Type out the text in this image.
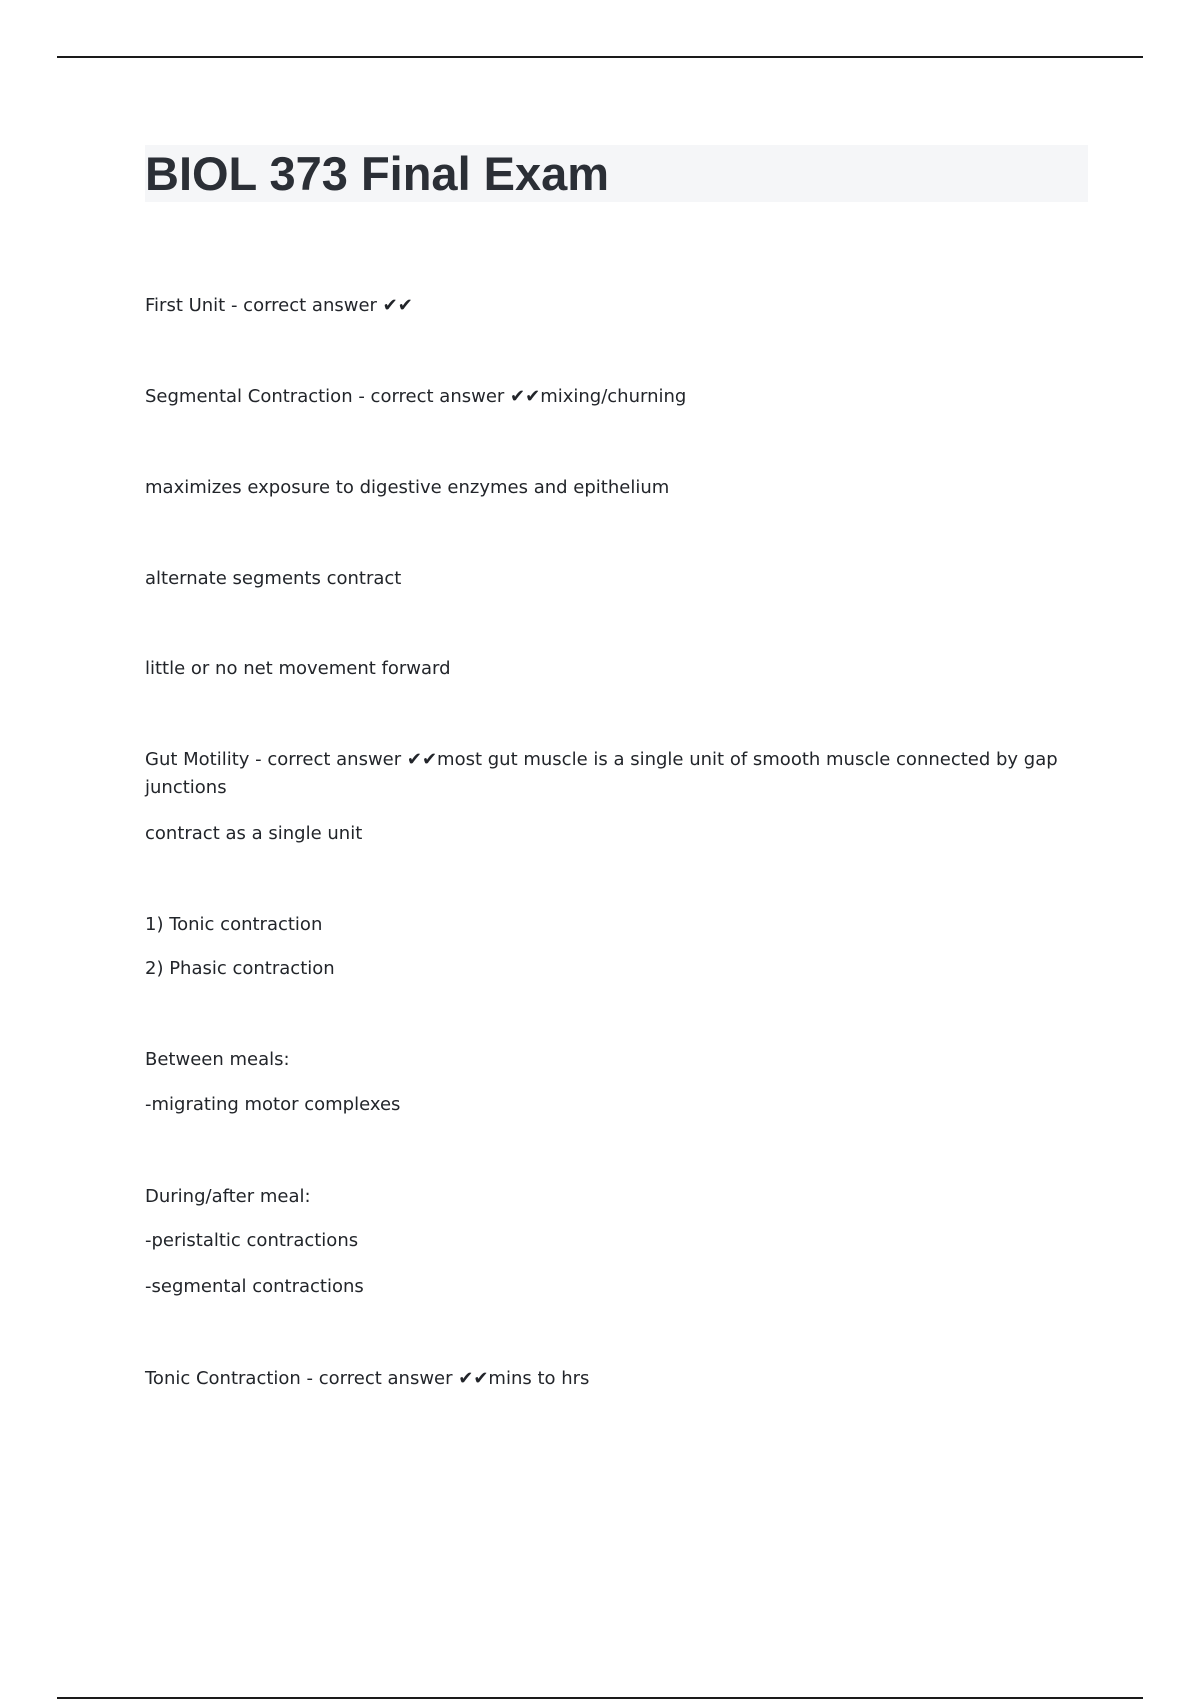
BIOL 373 Final Exam

First Unit - correct answer ✔✔

Segmental Contraction - correct answer ✔✔mixing/churning

maximizes exposure to digestive enzymes and epithelium

alternate segments contract

little or no net movement forward

Gut Motility - correct answer ✔✔most gut muscle is a single unit of smooth muscle connected by gap junctions

contract as a single unit

1) Tonic contraction

2) Phasic contraction

Between meals:

-migrating motor complexes

During/after meal:

-peristaltic contractions

-segmental contractions

Tonic Contraction - correct answer ✔✔mins to hrs
